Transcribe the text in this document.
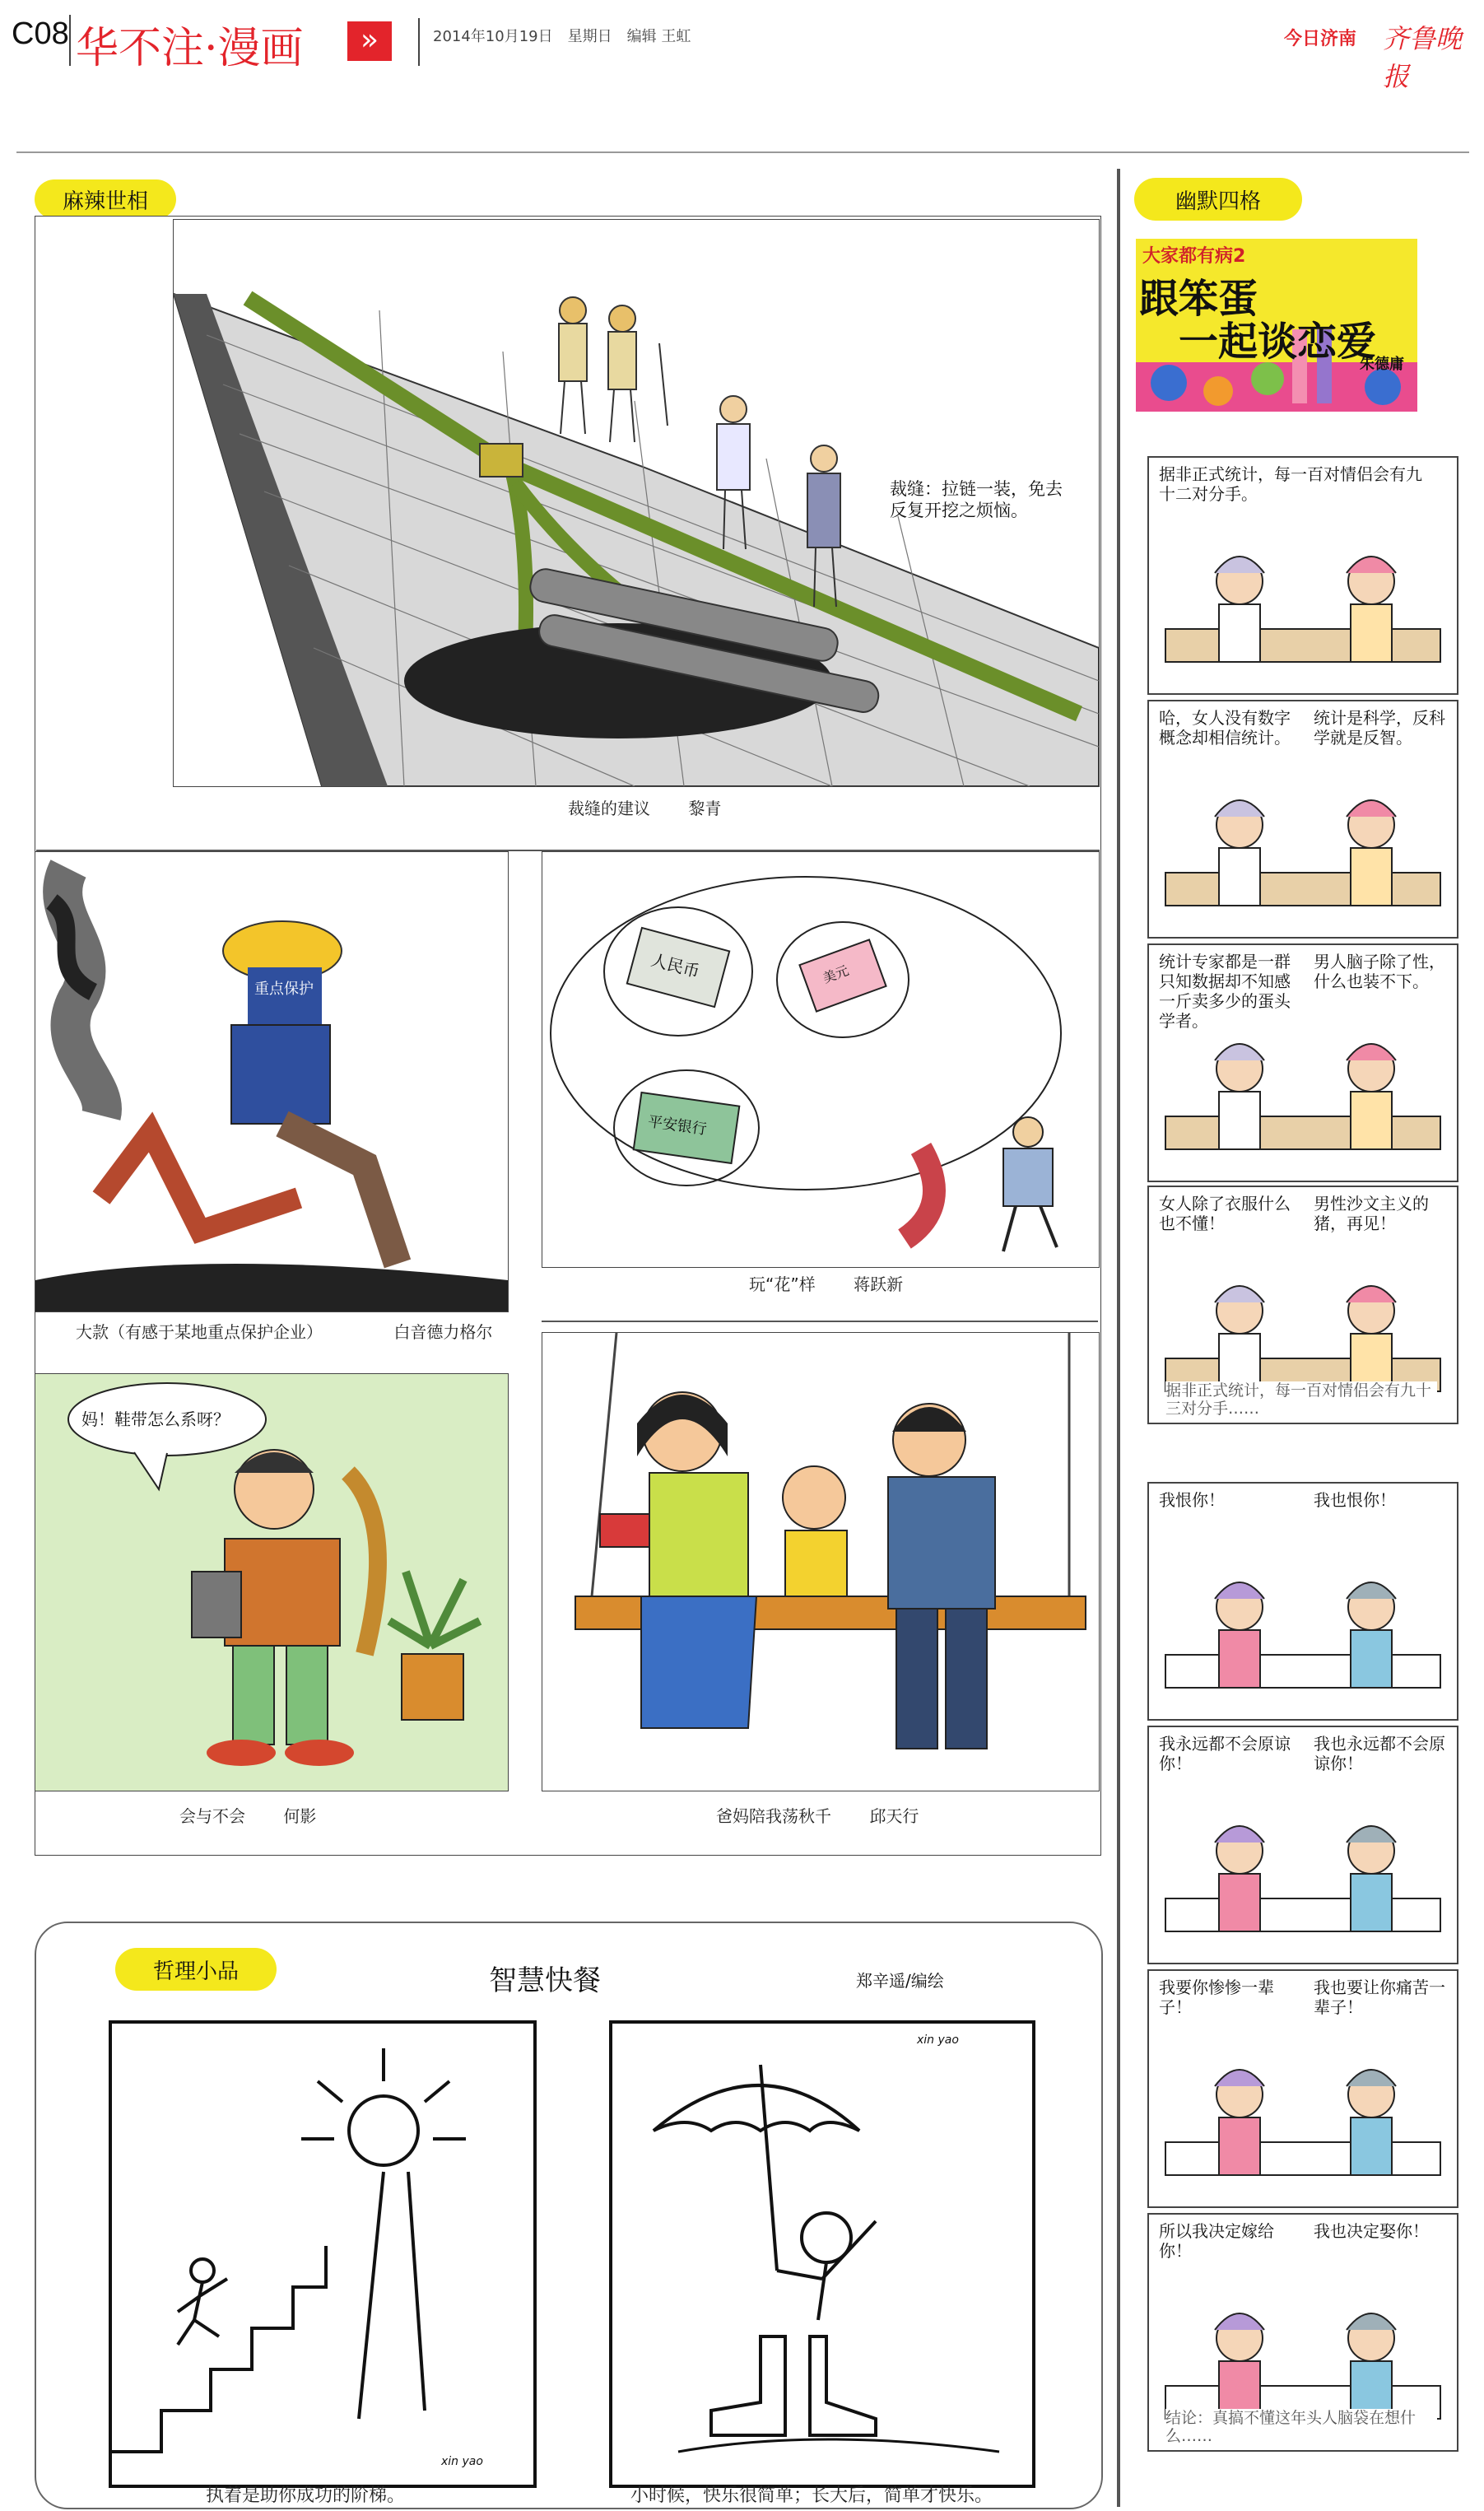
C08 华不注·漫画	»	2014年10月19日　星期日　编辑 王虹	今日济南 齐鲁晚报
麻辣世相
裁缝：拉链一装，免去反复开挖之烦恼。
裁缝的建议 黎青
重点保护
大款（有感于某地重点保护企业）	白音德力格尔
人民币
平安银行
美元
玩“花”样 蒋跃新
妈！鞋带怎么系呀？
会与不会 何影	爸妈陪我荡秋千 邱天行
哲理小品	智慧快餐	郑辛遥/编绘
xin yao
执着是助你成功的阶梯。
xin yao
小时候，快乐很简单；长大后，简单才快乐。
幽默四格
大家都有病2
跟笨蛋
一起谈恋爱
朱德庸
据非正式统计，每一百对情侣会有九十二对分手。
哈，女人没有数字概念却相信统计。
统计是科学，反科学就是反智。
统计专家都是一群只知数据却不知感一斤卖多少的蛋头学者。
男人脑子除了性，什么也装不下。
女人除了衣服什么也不懂！
男性沙文主义的猪，再见！
据非正式统计，每一百对情侣会有九十三对分手……
我恨你！	我也恨你！
我永远都不会原谅你！
我也永远都不会原谅你！
我要你惨惨一辈子！
我也要让你痛苦一辈子！
所以我决定嫁给你！
我也决定娶你！
结论：真搞不懂这年头人脑袋在想什么……
